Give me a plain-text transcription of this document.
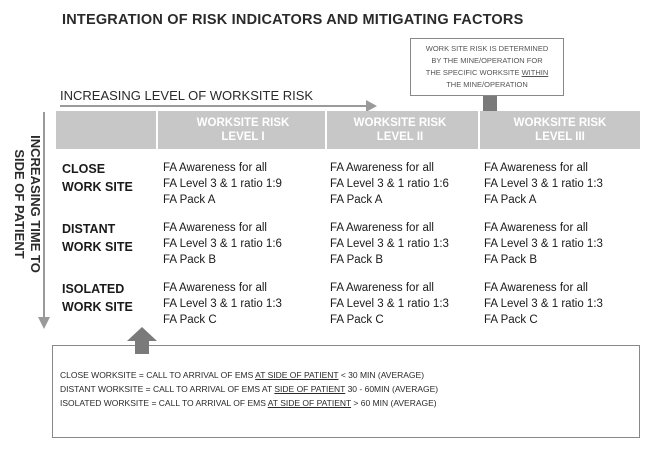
INTEGRATION OF RISK INDICATORS AND MITIGATING FACTORS
WORK SITE RISK IS DETERMINED
BY THE MINE/OPERATION FOR
THE SPECIFIC WORKSITE WITHIN
THE MINE/OPERATION
INCREASING LEVEL OF WORKSITE RISK
INCREASING TIME TO SIDE OF PATIENT
WORKSITE RISK
LEVEL I
WORKSITE RISK
LEVEL II
WORKSITE RISK
LEVEL III
CLOSE
WORK SITE
FA Awareness for all
FA Level 3 & 1 ratio 1:9
FA Pack A
FA Awareness for all
FA Level 3 & 1 ratio 1:6
FA Pack A
FA Awareness for all
FA Level 3 & 1 ratio 1:3
FA Pack A
DISTANT
WORK SITE
FA Awareness for all
FA Level 3 & 1 ratio 1:6
FA Pack B
FA Awareness for all
FA Level 3 & 1 ratio 1:3
FA Pack B
FA Awareness for all
FA Level 3 & 1 ratio 1:3
FA Pack B
ISOLATED
WORK SITE
FA Awareness for all
FA Level 3 & 1 ratio 1:3
FA Pack C
FA Awareness for all
FA Level 3 & 1 ratio 1:3
FA Pack C
FA Awareness for all
FA Level 3 & 1 ratio 1:3
FA Pack C
CLOSE WORKSITE = CALL TO ARRIVAL OF EMS AT SIDE OF PATIENT < 30 MIN (AVERAGE)
DISTANT WORKSITE = CALL TO ARRIVAL OF EMS AT SIDE OF PATIENT 30 - 60MIN (AVERAGE)
ISOLATED WORKSITE = CALL TO ARRIVAL OF EMS AT SIDE OF PATIENT > 60 MIN (AVERAGE)
